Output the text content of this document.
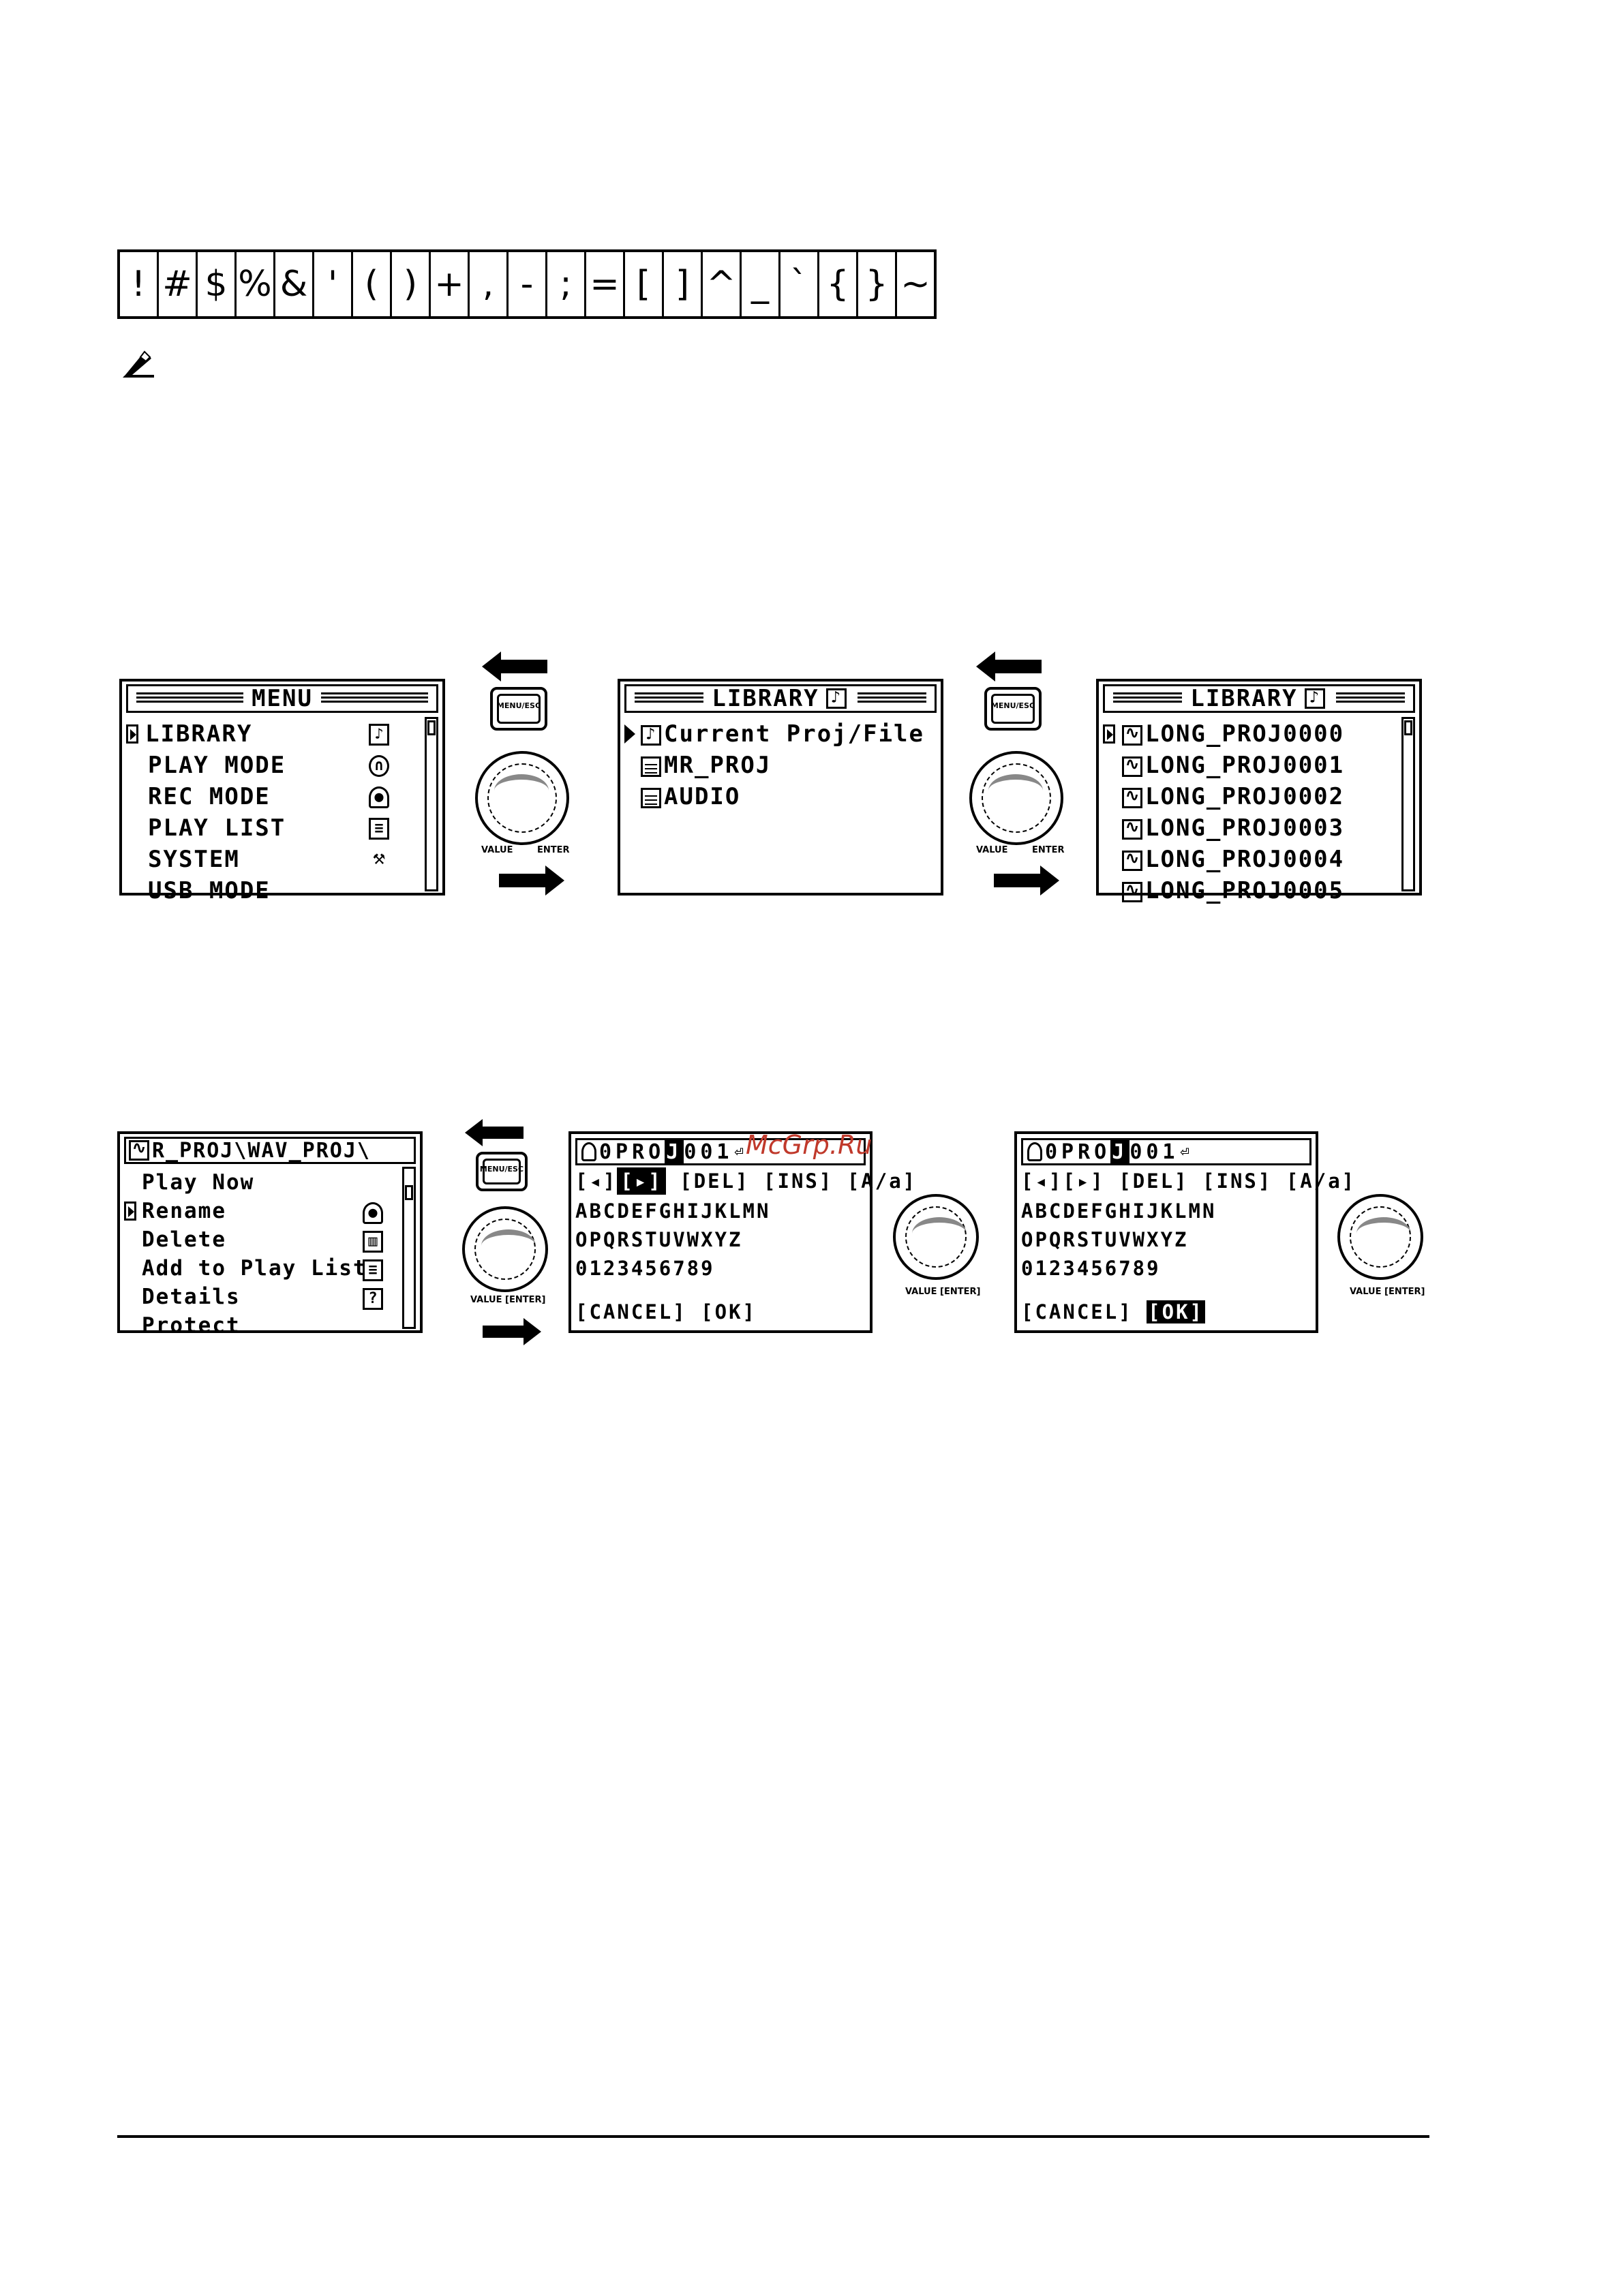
! # $ % & ' ( ) + , - ; = [ ] ^ _ ` { } ~
MENU
LIBRARY
PLAY MODE
REC MODE
PLAY LIST
SYSTEM
USB MODE
♪
∩
●
≡
⚒
MENU/ESC
VALUE	ENTER
LIBRARY
♪
♪Current Proj/File
MR_PROJ
AUDIO
MENU/ESC
VALUE	ENTER
LIBRARY
♪
∿LONG_PROJ0000
∿LONG_PROJ0001
∿LONG_PROJ0002
∿LONG_PROJ0003
∿LONG_PROJ0004
∿LONG_PROJ0005
∿
R_PROJ\WAV_PROJ\
Play Now
Rename
Delete
Add to Play List
Details
Protect
●
▥
≡
?
MENU/ESC
VALUE [ENTER]
0PRO J 001 ⏎
[◂] [▸] [DEL] [INS] [A/a]
ABCDEFGHIJKLMN
OPQRSTUVWXYZ
0123456789
[CANCEL] [OK]
VALUE [ENTER]
0PRO J 001 ⏎
[◂][▸] [DEL] [INS] [A/a]
ABCDEFGHIJKLMN
OPQRSTUVWXYZ
0123456789
[CANCEL] [OK]
VALUE [ENTER]
McGrp.Ru
